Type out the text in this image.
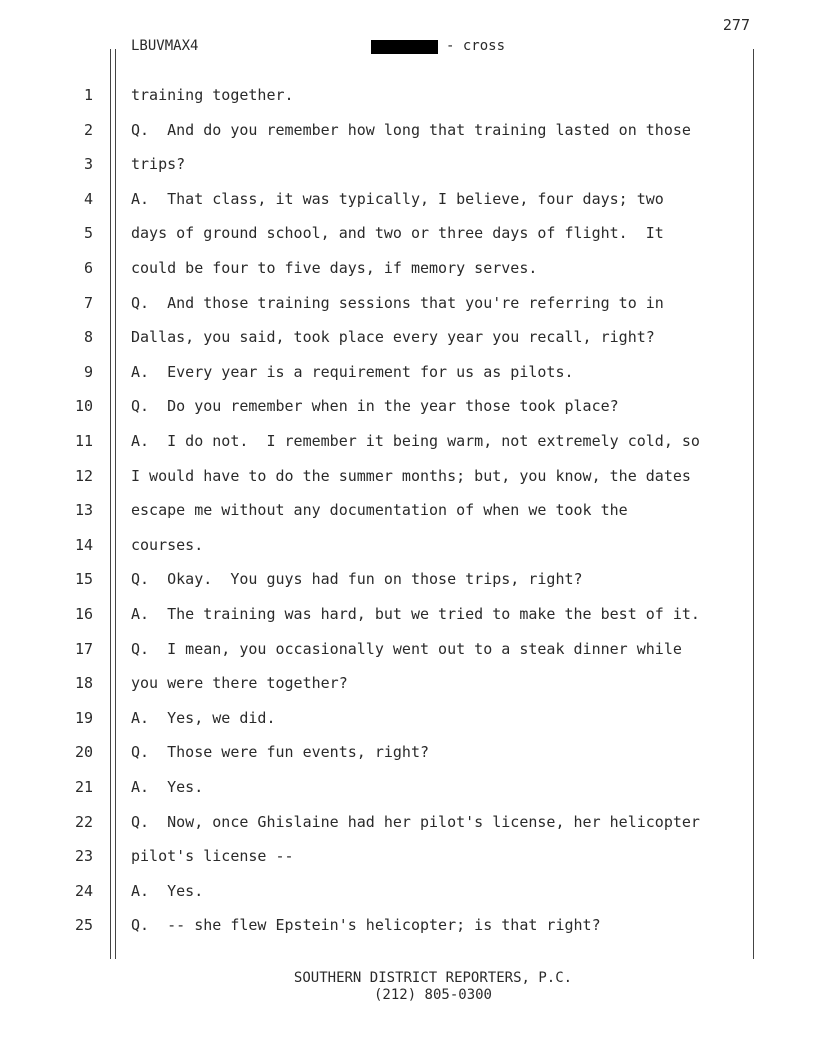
277
LBUVMAX4	- cross
1	training together.
2	Q.  And do you remember how long that training lasted on those
3	trips?
4	A.  That class, it was typically, I believe, four days; two
5	days of ground school, and two or three days of flight.  It
6	could be four to five days, if memory serves.
7	Q.  And those training sessions that you're referring to in
8	Dallas, you said, took place every year you recall, right?
9	A.  Every year is a requirement for us as pilots.
10	Q.  Do you remember when in the year those took place?
11	A.  I do not.  I remember it being warm, not extremely cold, so
12	I would have to do the summer months; but, you know, the dates
13	escape me without any documentation of when we took the
14	courses.
15	Q.  Okay.  You guys had fun on those trips, right?
16	A.  The training was hard, but we tried to make the best of it.
17	Q.  I mean, you occasionally went out to a steak dinner while
18	you were there together?
19	A.  Yes, we did.
20	Q.  Those were fun events, right?
21	A.  Yes.
22	Q.  Now, once Ghislaine had her pilot's license, her helicopter
23	pilot's license --
24	A.  Yes.
25	Q.  -- she flew Epstein's helicopter; is that right?
SOUTHERN DISTRICT REPORTERS, P.C.
(212) 805-0300
